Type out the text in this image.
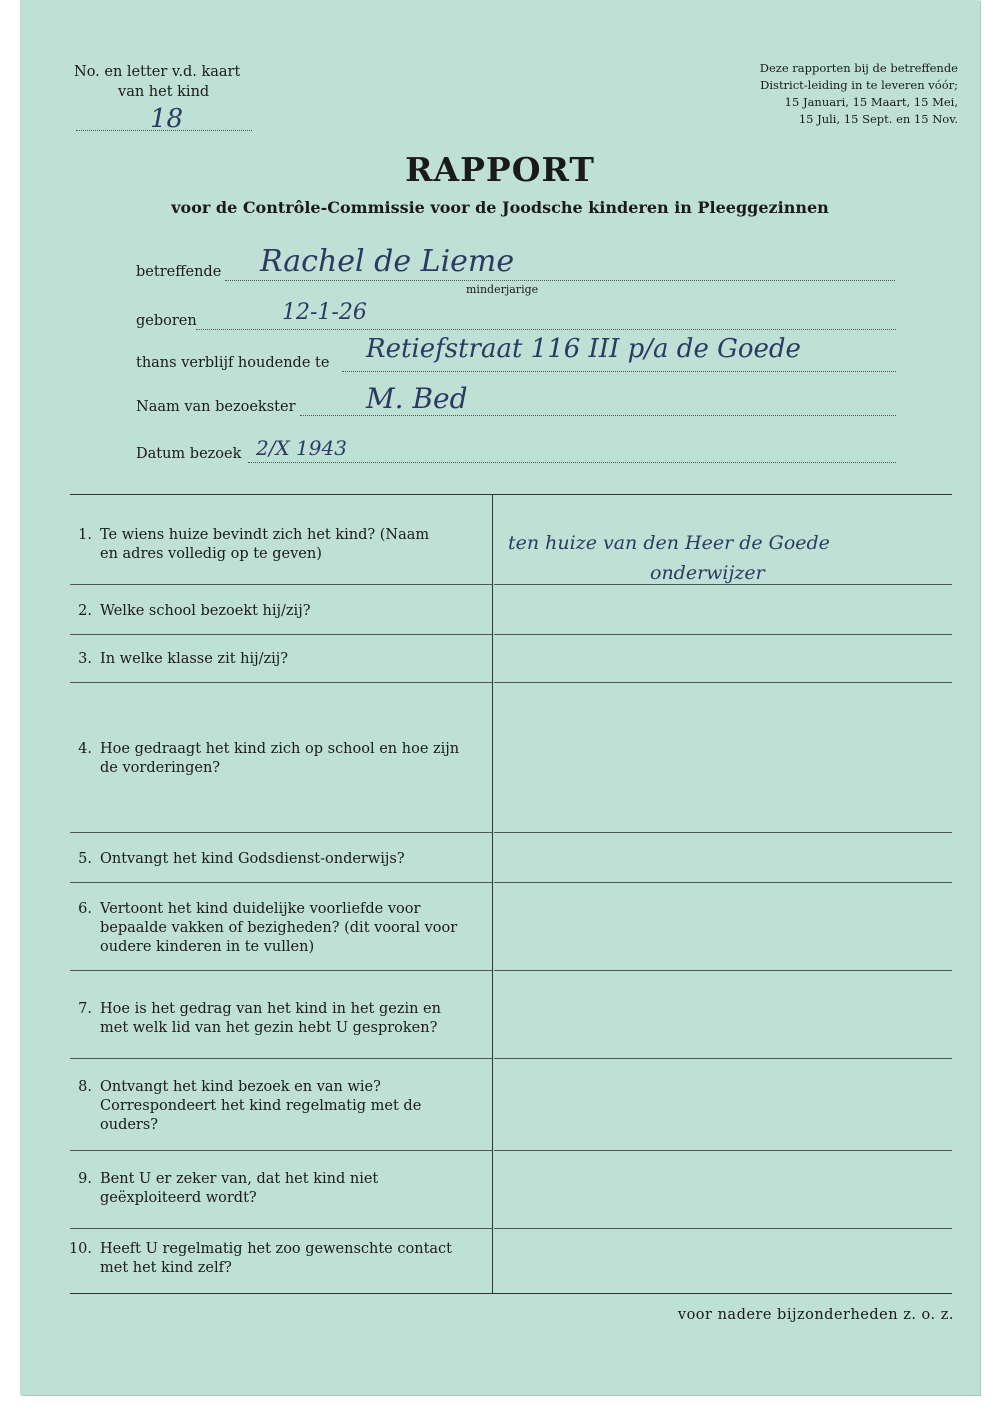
No. en letter v.d. kaart
van het kind
18
Deze rapporten bij de betreffende
District-leiding in te leveren vóór;
15 Januari, 15 Maart, 15 Mei,
15 Juli, 15 Sept. en 15 Nov.
RAPPORT
voor de Contrôle-Commissie voor de Joodsche kinderen in Pleeggezinnen
betreffende Rachel de Lieme
minderjarige
geboren	12-1-26
thans verblijf houdende te Retiefstraat 116 III p/a de Goede
Naam van bezoekster	M. Bed
Datum bezoek 2/X 1943
1. Te wiens huize bevindt zich het kind? (Naam en adres volledig op te geven)
2. Welke school bezoekt hij/zij?
3. In welke klasse zit hij/zij?
4. Hoe gedraagt het kind zich op school en hoe zijn de vorderingen?
5. Ontvangt het kind Godsdienst-onderwijs?
6. Vertoont het kind duidelijke voorliefde voor bepaalde vakken of bezigheden? (dit vooral voor oudere kinderen in te vullen)
7. Hoe is het gedrag van het kind in het gezin en met welk lid van het gezin hebt U gesproken?
8. Ontvangt het kind bezoek en van wie? Correspondeert het kind regelmatig met de ouders?
9. Bent U er zeker van, dat het kind niet geëxploiteerd wordt?
10. Heeft U regelmatig het zoo gewenschte contact met het kind zelf?
ten huize van den Heer de Goede
onderwijzer
voor nadere bijzonderheden z. o. z.
